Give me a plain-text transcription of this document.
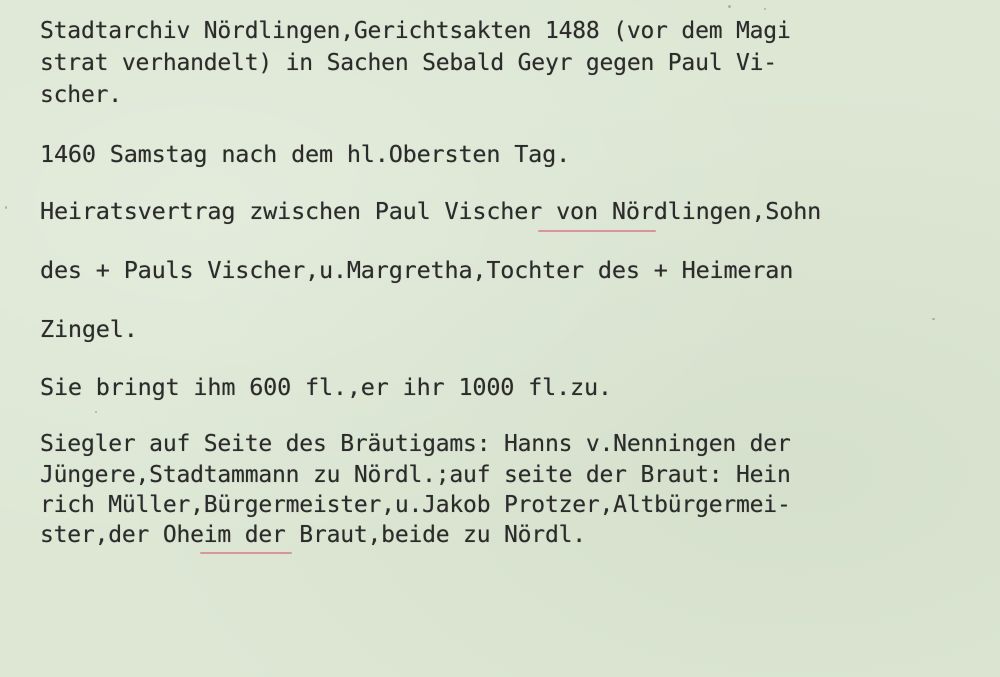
Stadtarchiv Nördlingen,Gerichtsakten 1488 (vor dem Magi

strat verhandelt) in Sachen Sebald Geyr gegen Paul Vi-

scher.

1460 Samstag nach dem hl.Obersten Tag.

Heiratsvertrag zwischen Paul Vischer von Nördlingen,Sohn

des + Pauls Vischer,u.Margretha,Tochter des + Heimeran

Zingel.

Sie bringt ihm 600 fl.,er ihr 1000 fl.zu.

Siegler auf Seite des Bräutigams: Hanns v.Nenningen der

Jüngere,Stadtammann zu Nördl.;auf seite der Braut: Hein

rich Müller,Bürgermeister,u.Jakob Protzer,Altbürgermei-

ster,der Oheim der Braut,beide zu Nördl.
